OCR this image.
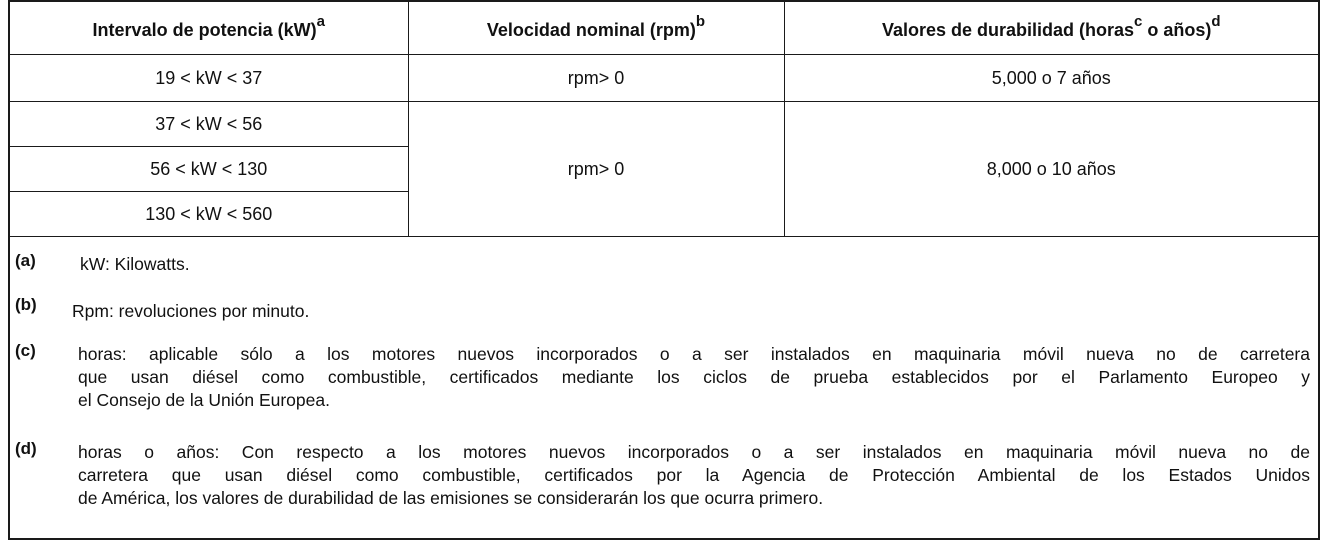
Intervalo de potencia (kW)$^a$	Velocidad nominal (rpm)$^b$	Valores de durabilidad (horas$^c$ o años)$^d$
19 < kW < 37	rpm> 0	5,000 o 7 años
37 < kW < 56	rpm> 0	8,000 o 10 años
56 < kW < 130		
130 < kW < 560		
(a)	kW: Kilowatts.
(b) Rpm: revoluciones por minuto.
(c) horas: aplicable sólo a los motores nuevos incorporados o a ser instalados en maquinaria móvil nueva no de carretera
que usan diésel como combustible, certificados mediante los ciclos de prueba establecidos por el Parlamento Europeo y
el Consejo de la Unión Europea.
(d) horas o años: Con respecto a los motores nuevos incorporados o a ser instalados en maquinaria móvil nueva no de
carretera que usan diésel como combustible, certificados por la Agencia de Protección Ambiental de los Estados Unidos
de América, los valores de durabilidad de las emisiones se considerarán los que ocurra primero.
